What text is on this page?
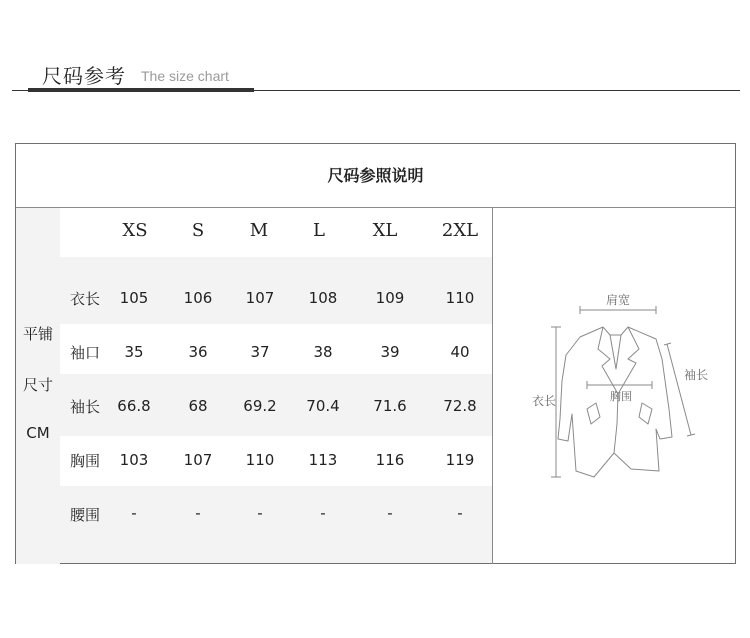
尺码参考 The size chart
尺码参照说明
平铺
尺寸
CM
XS	S	M	L	XL	2XL
衣长	105	106	107	108	109	110
袖口	35	36	37	38	39	40
袖长	66.8	68	69.2	70.4	71.6	72.8
胸围	103	107	110	113	116	119
腰围	-	-	-	-	-	-
肩宽
袖长
衣长	胸围
